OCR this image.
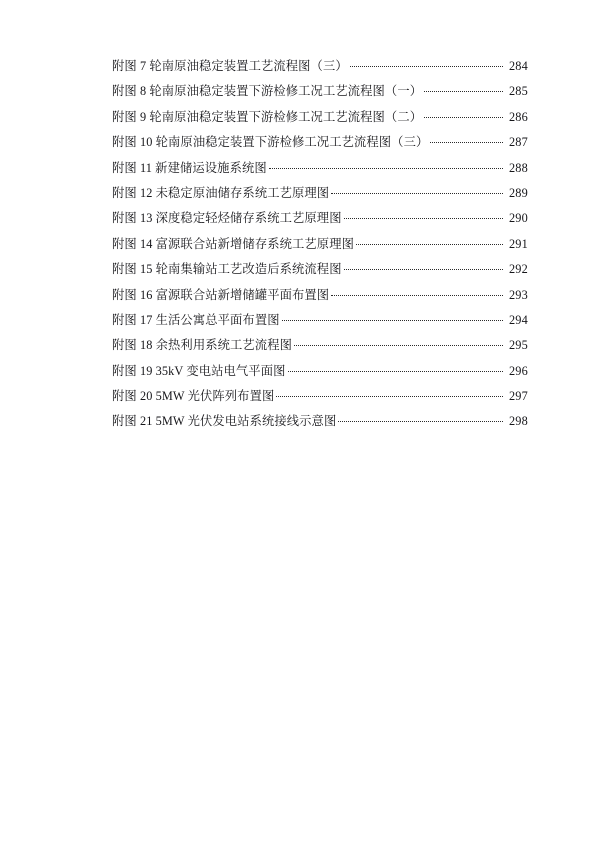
附图 7 轮南原油稳定装置工艺流程图（三）	284
附图 8 轮南原油稳定装置下游检修工况工艺流程图（一）	285
附图 9 轮南原油稳定装置下游检修工况工艺流程图（二）	286
附图 10 轮南原油稳定装置下游检修工况工艺流程图（三）	287
附图 11 新建储运设施系统图	288
附图 12 未稳定原油储存系统工艺原理图	289
附图 13 深度稳定轻烃储存系统工艺原理图	290
附图 14 富源联合站新增储存系统工艺原理图	291
附图 15 轮南集输站工艺改造后系统流程图	292
附图 16 富源联合站新增储罐平面布置图	293
附图 17 生活公寓总平面布置图	294
附图 18 余热利用系统工艺流程图	295
附图 19 35kV 变电站电气平面图	296
附图 20 5MW 光伏阵列布置图	297
附图 21 5MW 光伏发电站系统接线示意图	298
